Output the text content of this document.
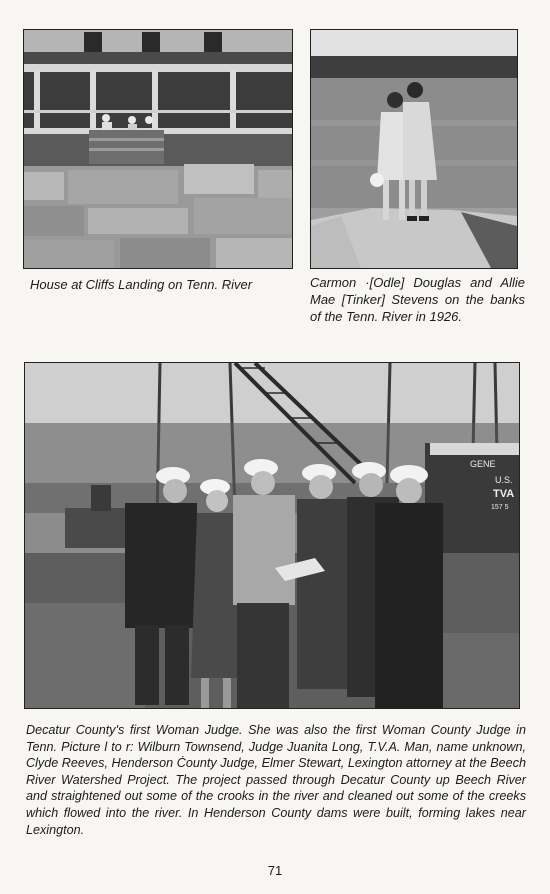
House at Cliffs Landing on Tenn. River	Carmon ·[Odle] Douglas and Allie Mae [Tinker] Stevens on the banks of the Tenn. River in 1926.

GENE
U.S.
TVA
157 5

Decatur County's first Woman Judge. She was also the first Woman County Judge in Tenn. Picture l to r: Wilburn Townsend, Judge Juanita Long, T.V.A. Man, name unknown, Clyde Reeves, Henderson Ċounty Judge, Elmer Stewart, Lexington attorney at the Beech River Watershed Project. The project passed through Decatur County up Beech River and straightened out some of the crooks in the river and cleaned out some of the creeks which flowed into the river. In Henderson County dams were built, forming lakes near Lexington.

71
